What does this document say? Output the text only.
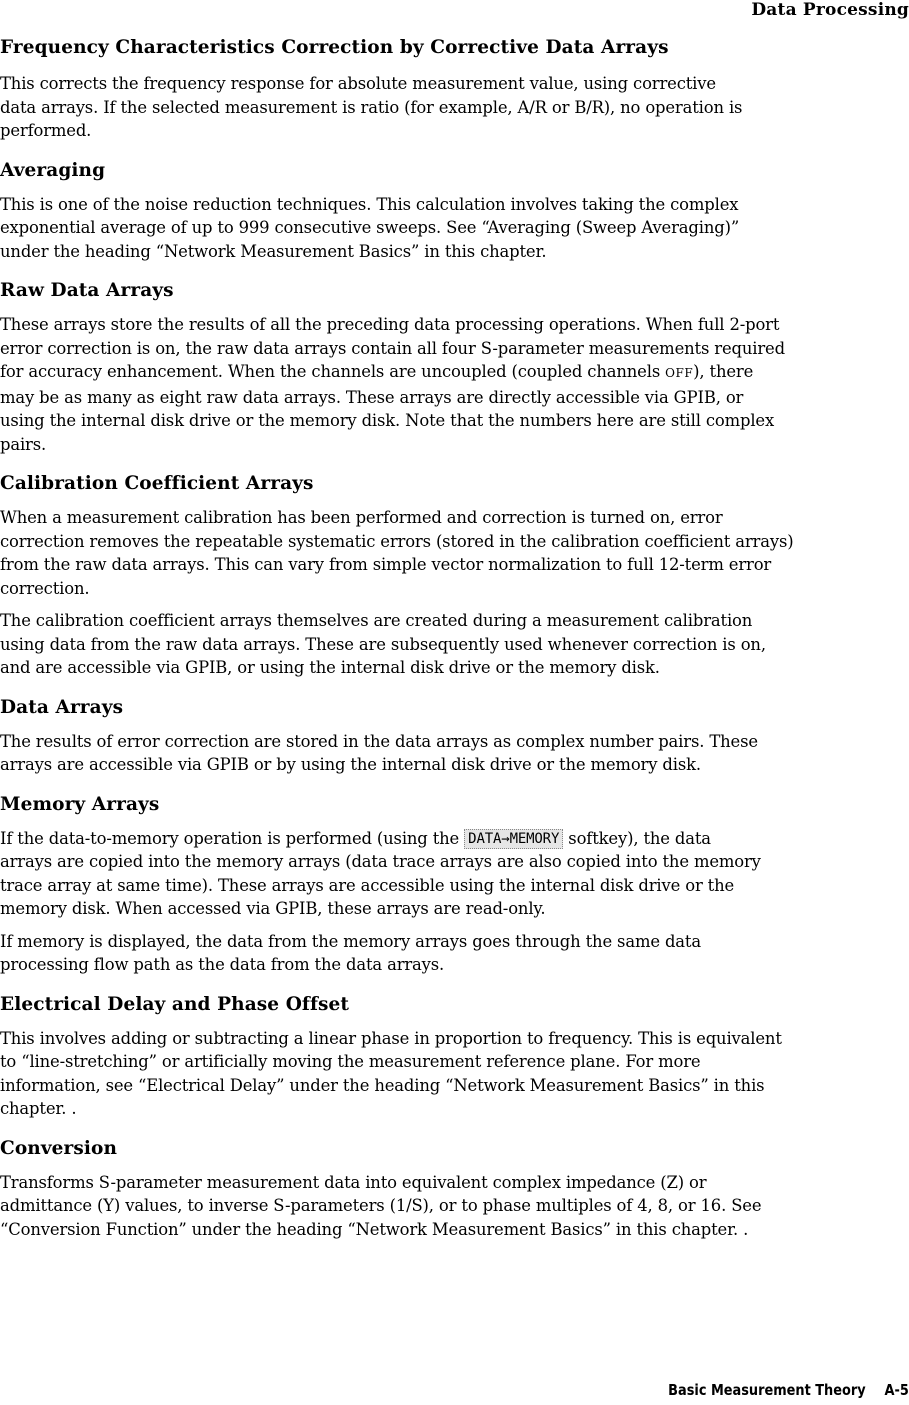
Data Processing
Frequency Characteristics Correction by Corrective Data Arrays

This corrects the frequency response for absolute measurement value, using corrective
data arrays. If the selected measurement is ratio (for example, A/R or B/R), no operation is
performed.

Averaging

This is one of the noise reduction techniques. This calculation involves taking the complex
exponential average of up to 999 consecutive sweeps. See “Averaging (Sweep Averaging)”
under the heading “Network Measurement Basics” in this chapter.

Raw Data Arrays

These arrays store the results of all the preceding data processing operations. When full 2-port
error correction is on, the raw data arrays contain all four S-parameter measurements required
for accuracy enhancement. When the channels are uncoupled (coupled channels OFF), there
may be as many as eight raw data arrays. These arrays are directly accessible via GPIB, or
using the internal disk drive or the memory disk. Note that the numbers here are still complex
pairs.

Calibration Coefficient Arrays

When a measurement calibration has been performed and correction is turned on, error
correction removes the repeatable systematic errors (stored in the calibration coefficient arrays)
from the raw data arrays. This can vary from simple vector normalization to full 12-term error
correction.

The calibration coefficient arrays themselves are created during a measurement calibration
using data from the raw data arrays. These are subsequently used whenever correction is on,
and are accessible via GPIB, or using the internal disk drive or the memory disk.

Data Arrays

The results of error correction are stored in the data arrays as complex number pairs. These
arrays are accessible via GPIB or by using the internal disk drive or the memory disk.

Memory Arrays

If the data-to-memory operation is performed (using the DATA→MEMORY softkey), the data
arrays are copied into the memory arrays (data trace arrays are also copied into the memory
trace array at same time). These arrays are accessible using the internal disk drive or the
memory disk. When accessed via GPIB, these arrays are read-only.

If memory is displayed, the data from the memory arrays goes through the same data
processing flow path as the data from the data arrays.

Electrical Delay and Phase Offset

This involves adding or subtracting a linear phase in proportion to frequency. This is equivalent
to “line-stretching” or artificially moving the measurement reference plane. For more
information, see “Electrical Delay” under the heading “Network Measurement Basics” in this
chapter. .

Conversion

Transforms S-parameter measurement data into equivalent complex impedance (Z) or
admittance (Y) values, to inverse S-parameters (1/S), or to phase multiples of 4, 8, or 16. See
“Conversion Function” under the heading “Network Measurement Basics” in this chapter. .

Basic Measurement Theory A-5
